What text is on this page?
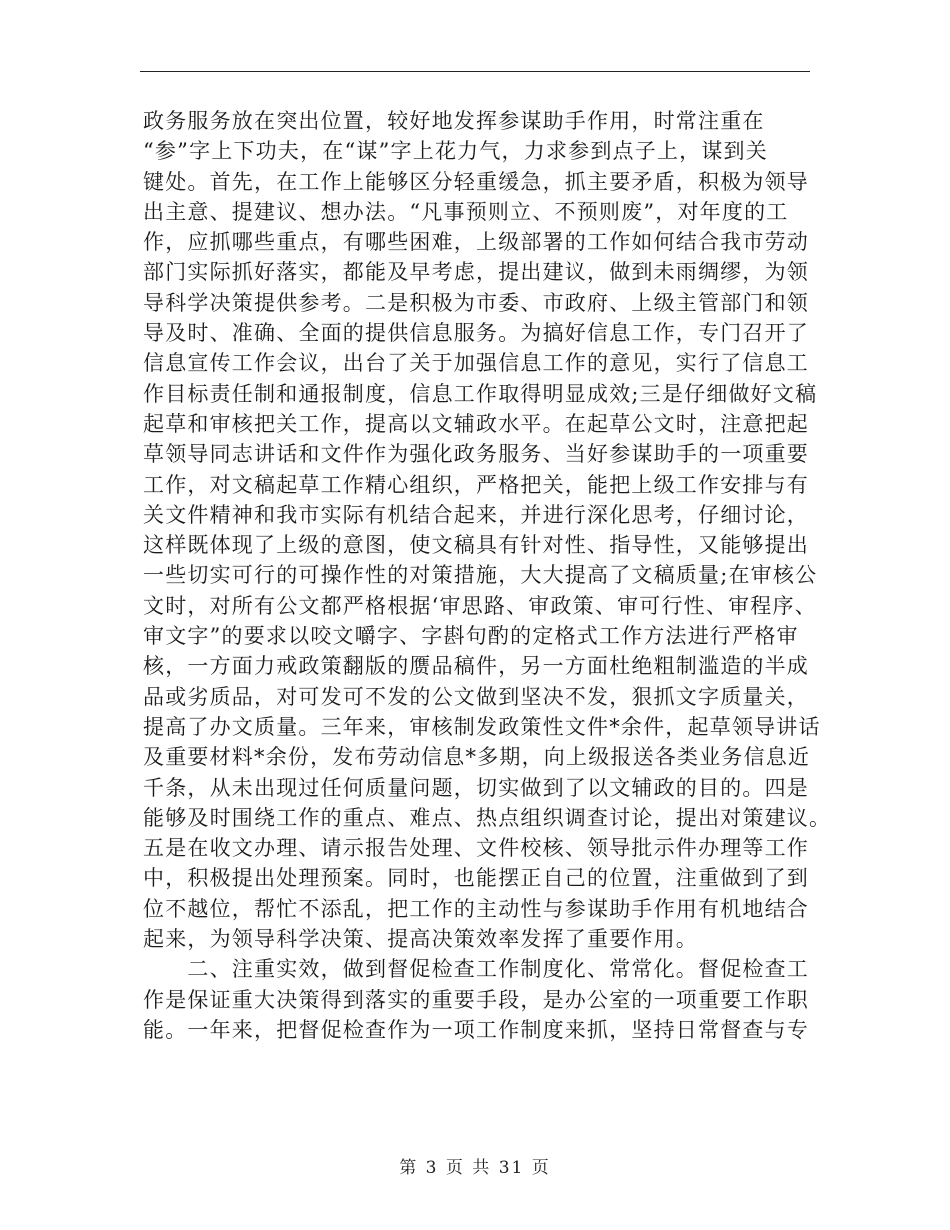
政务服务放在突出位置，较好地发挥参谋助手作用，时常注重在
“参”字上下功夫，在“谋”字上花力气，力求参到点子上，谋到关
键处。首先，在工作上能够区分轻重缓急，抓主要矛盾，积极为领导
出主意、提建议、想办法。“凡事预则立、不预则废”，对年度的工
作，应抓哪些重点，有哪些困难，上级部署的工作如何结合我市劳动
部门实际抓好落实，都能及早考虑，提出建议，做到未雨绸缪，为领
导科学决策提供参考。二是积极为市委、市政府、上级主管部门和领
导及时、准确、全面的提供信息服务。为搞好信息工作，专门召开了
信息宣传工作会议，出台了关于加强信息工作的意见，实行了信息工
作目标责任制和通报制度，信息工作取得明显成效;三是仔细做好文稿
起草和审核把关工作，提高以文辅政水平。在起草公文时，注意把起
草领导同志讲话和文件作为强化政务服务、当好参谋助手的一项重要
工作，对文稿起草工作精心组织，严格把关，能把上级工作安排与有
关文件精神和我市实际有机结合起来，并进行深化思考，仔细讨论，
这样既体现了上级的意图，使文稿具有针对性、指导性，又能够提出
一些切实可行的可操作性的对策措施，大大提高了文稿质量;在审核公
文时，对所有公文都严格根据‘审思路、审政策、审可行性、审程序、
审文字”的要求以咬文嚼字、字斟句酌的定格式工作方法进行严格审
核，一方面力戒政策翻版的赝品稿件，另一方面杜绝粗制滥造的半成
品或劣质品，对可发可不发的公文做到坚决不发，狠抓文字质量关，
提高了办文质量。三年来，审核制发政策性文件*余件，起草领导讲话
及重要材料*余份，发布劳动信息*多期，向上级报送各类业务信息近
千条，从未出现过任何质量问题，切实做到了以文辅政的目的。四是
能够及时围绕工作的重点、难点、热点组织调查讨论，提出对策建议。
五是在收文办理、请示报告处理、文件校核、领导批示件办理等工作
中，积极提出处理预案。同时，也能摆正自己的位置，注重做到了到
位不越位，帮忙不添乱，把工作的主动性与参谋助手作用有机地结合
起来，为领导科学决策、提高决策效率发挥了重要作用。
　　二、注重实效，做到督促检查工作制度化、常常化。督促检查工
作是保证重大决策得到落实的重要手段，是办公室的一项重要工作职
能。一年来，把督促检查作为一项工作制度来抓，坚持日常督查与专
第 3 页 共 31 页
